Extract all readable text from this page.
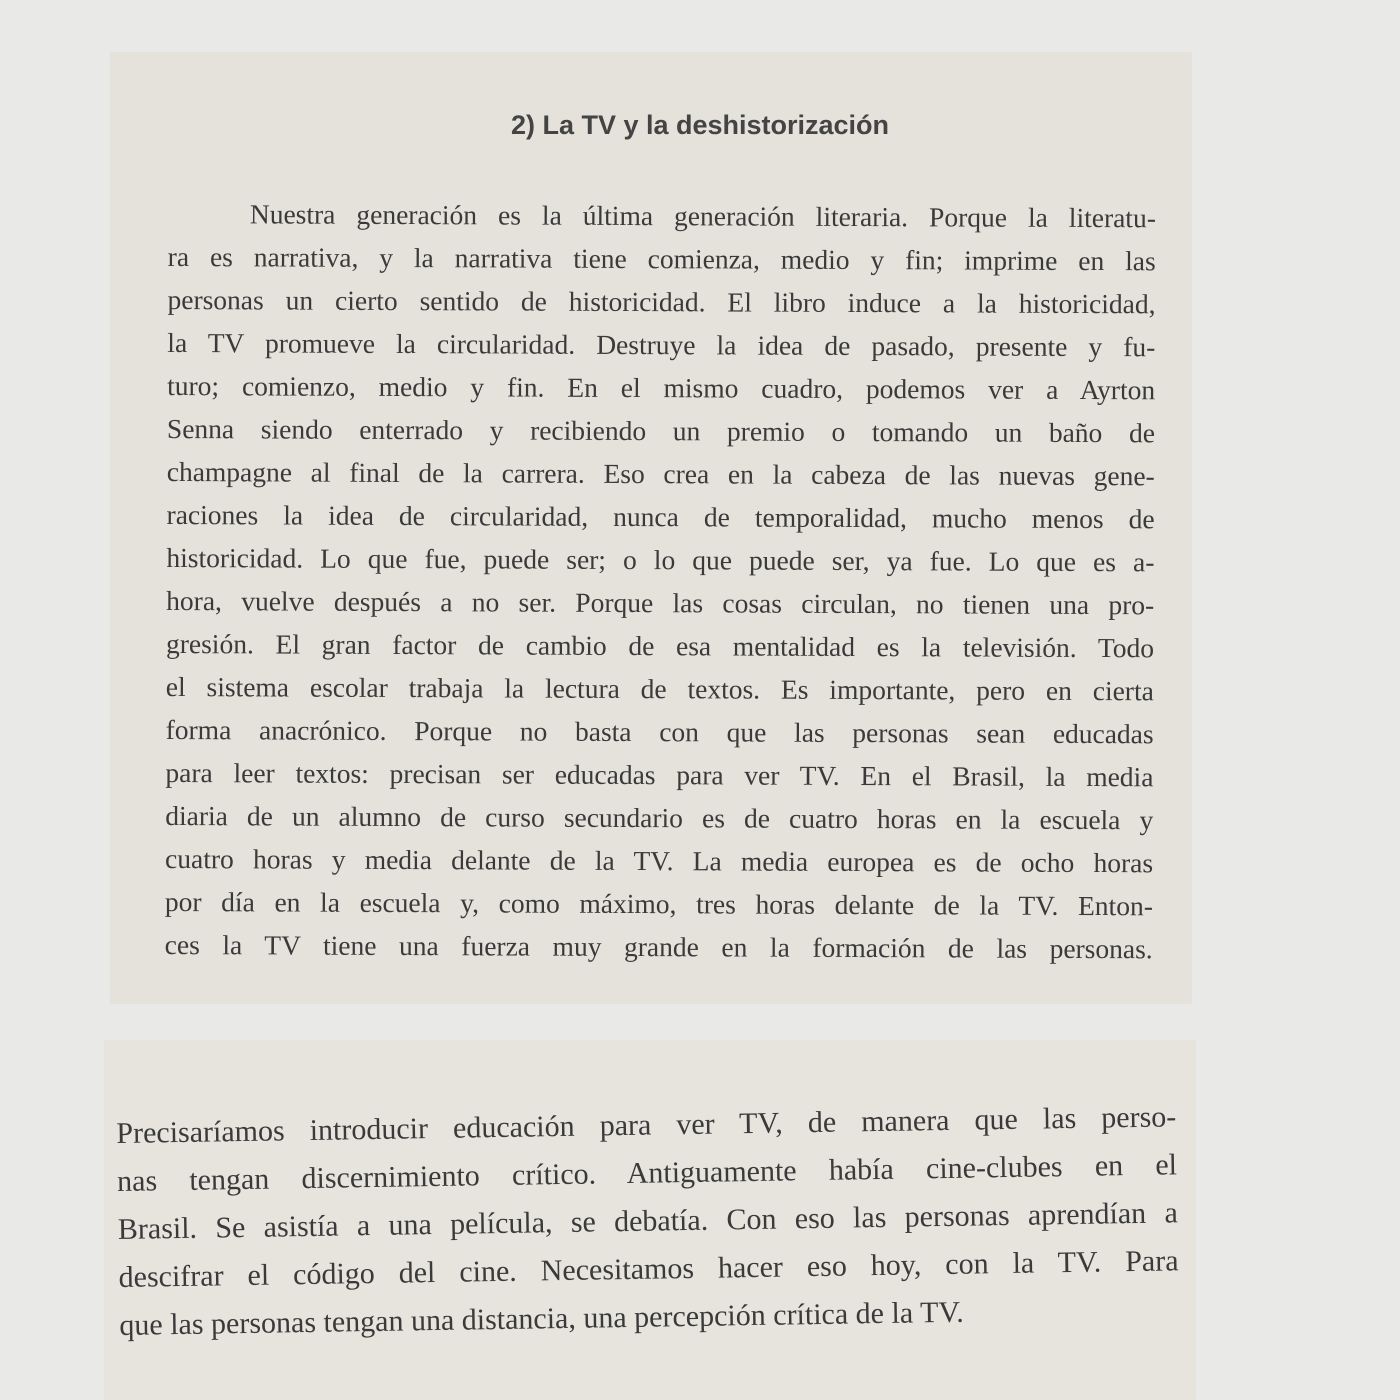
2) La TV y la deshistorización
Nuestra generación es la última generación literaria. Porque la literatu-
ra es narrativa, y la narrativa tiene comienza, medio y fin; imprime en las
personas un cierto sentido de historicidad. El libro induce a la historicidad,
la TV promueve la circularidad. Destruye la idea de pasado, presente y fu-
turo; comienzo, medio y fin. En el mismo cuadro, podemos ver a Ayrton
Senna siendo enterrado y recibiendo un premio o tomando un baño de
champagne al final de la carrera. Eso crea en la cabeza de las nuevas gene-
raciones la idea de circularidad, nunca de temporalidad, mucho menos de
historicidad. Lo que fue, puede ser; o lo que puede ser, ya fue. Lo que es a-
hora, vuelve después a no ser. Porque las cosas circulan, no tienen una pro-
gresión. El gran factor de cambio de esa mentalidad es la televisión. Todo
el sistema escolar trabaja la lectura de textos. Es importante, pero en cierta
forma anacrónico. Porque no basta con que las personas sean educadas
para leer textos: precisan ser educadas para ver TV. En el Brasil, la media
diaria de un alumno de curso secundario es de cuatro horas en la escuela y
cuatro horas y media delante de la TV. La media europea es de ocho horas
por día en la escuela y, como máximo, tres horas delante de la TV. Enton-
ces la TV tiene una fuerza muy grande en la formación de las personas.
Precisaríamos introducir educación para ver TV, de manera que las perso-
nas tengan discernimiento crítico. Antiguamente había cine-clubes en el
Brasil. Se asistía a una película, se debatía. Con eso las personas aprendían a
descifrar el código del cine. Necesitamos hacer eso hoy, con la TV. Para
que las personas tengan una distancia, una percepción crítica de la TV.
